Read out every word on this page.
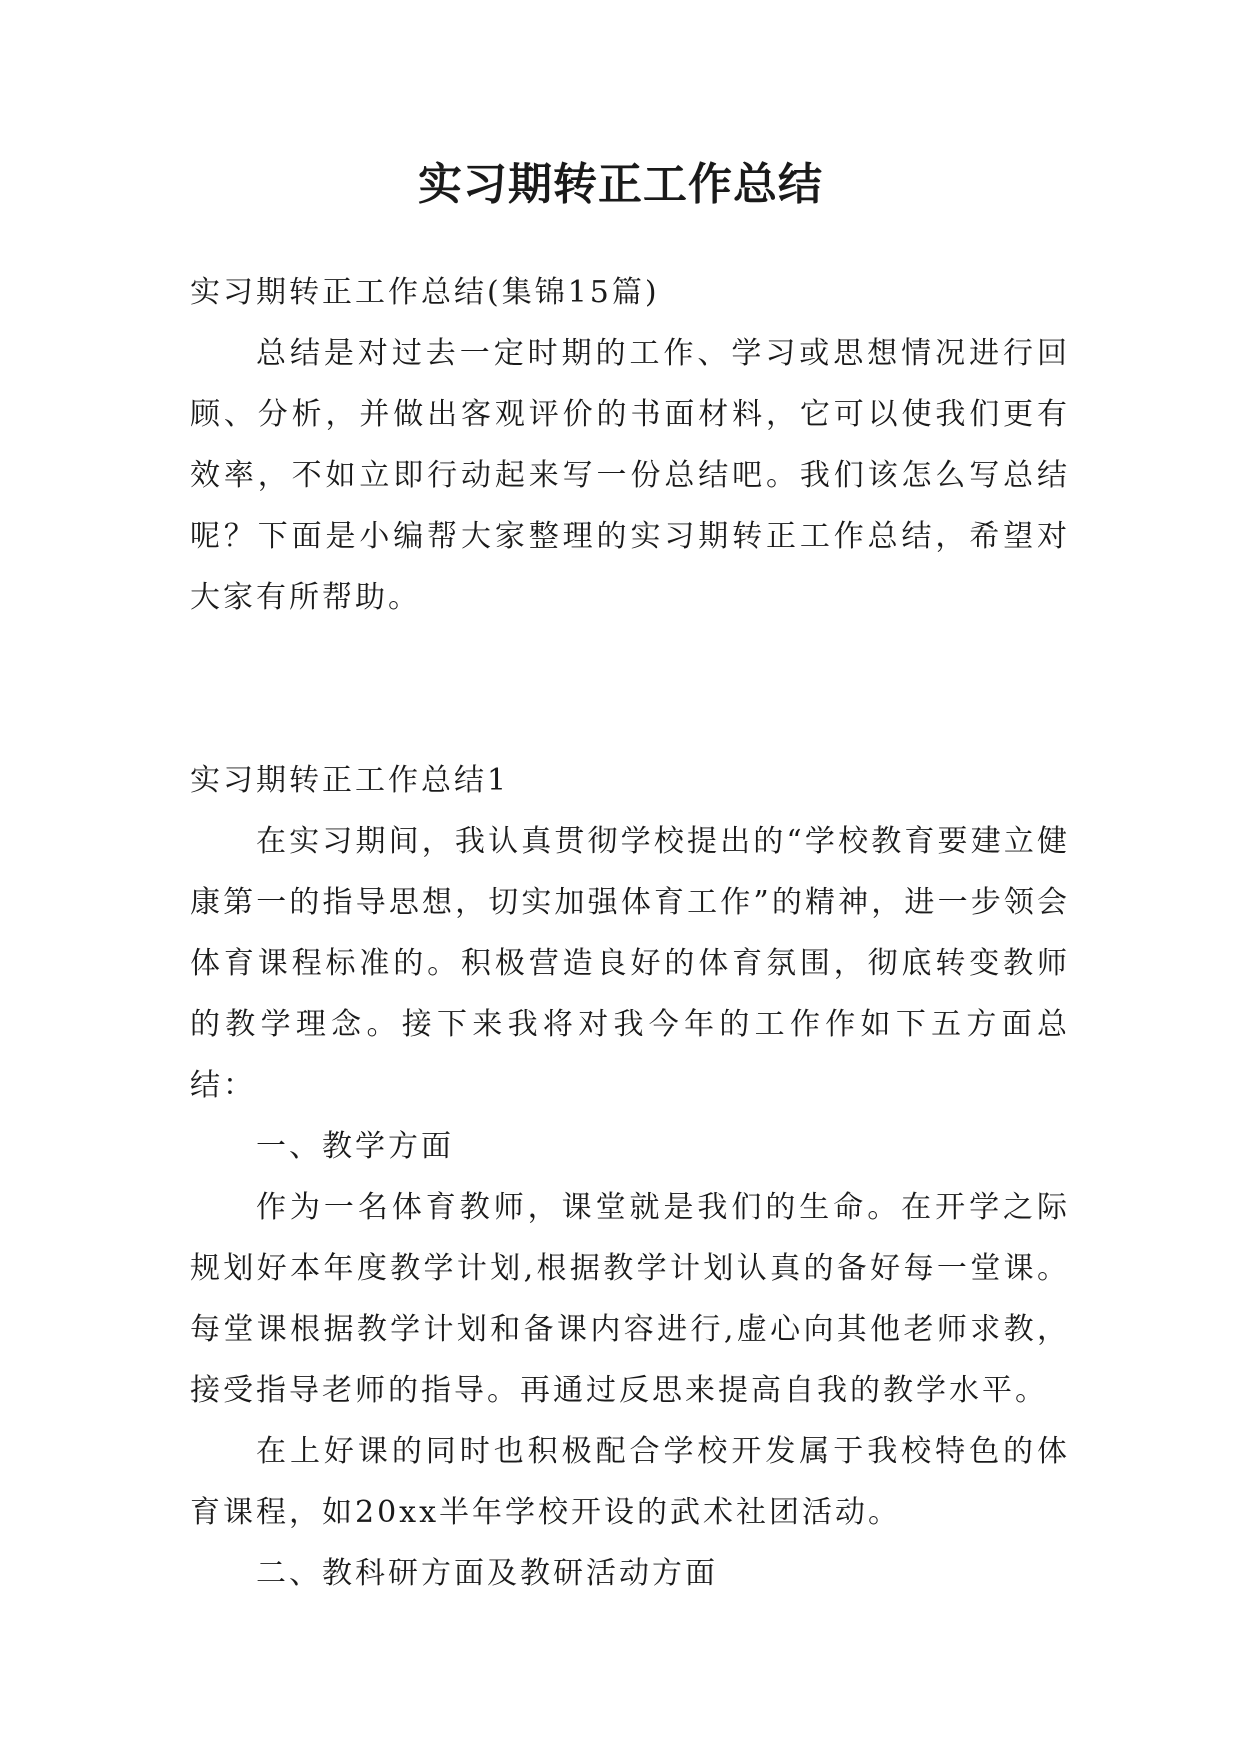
实习期转正工作总结

实习期转正工作总结(集锦15篇)

总结是对过去一定时期的工作、学习或思想情况进行回顾、分析，并做出客观评价的书面材料，它可以使我们更有效率，不如立即行动起来写一份总结吧。我们该怎么写总结呢？下面是小编帮大家整理的实习期转正工作总结，希望对大家有所帮助。

实习期转正工作总结1

在实习期间，我认真贯彻学校提出的“学校教育要建立健康第一的指导思想，切实加强体育工作”的精神，进一步领会体育课程标准的。积极营造良好的体育氛围，彻底转变教师的教学理念。接下来我将对我今年的工作作如下五方面总结：

一、教学方面

作为一名体育教师，课堂就是我们的生命。在开学之际规划好本年度教学计划,根据教学计划认真的备好每一堂课。每堂课根据教学计划和备课内容进行,虚心向其他老师求教，接受指导老师的指导。再通过反思来提高自我的教学水平。

在上好课的同时也积极配合学校开发属于我校特色的体育课程，如20xx半年学校开设的武术社团活动。

二、教科研方面及教研活动方面
